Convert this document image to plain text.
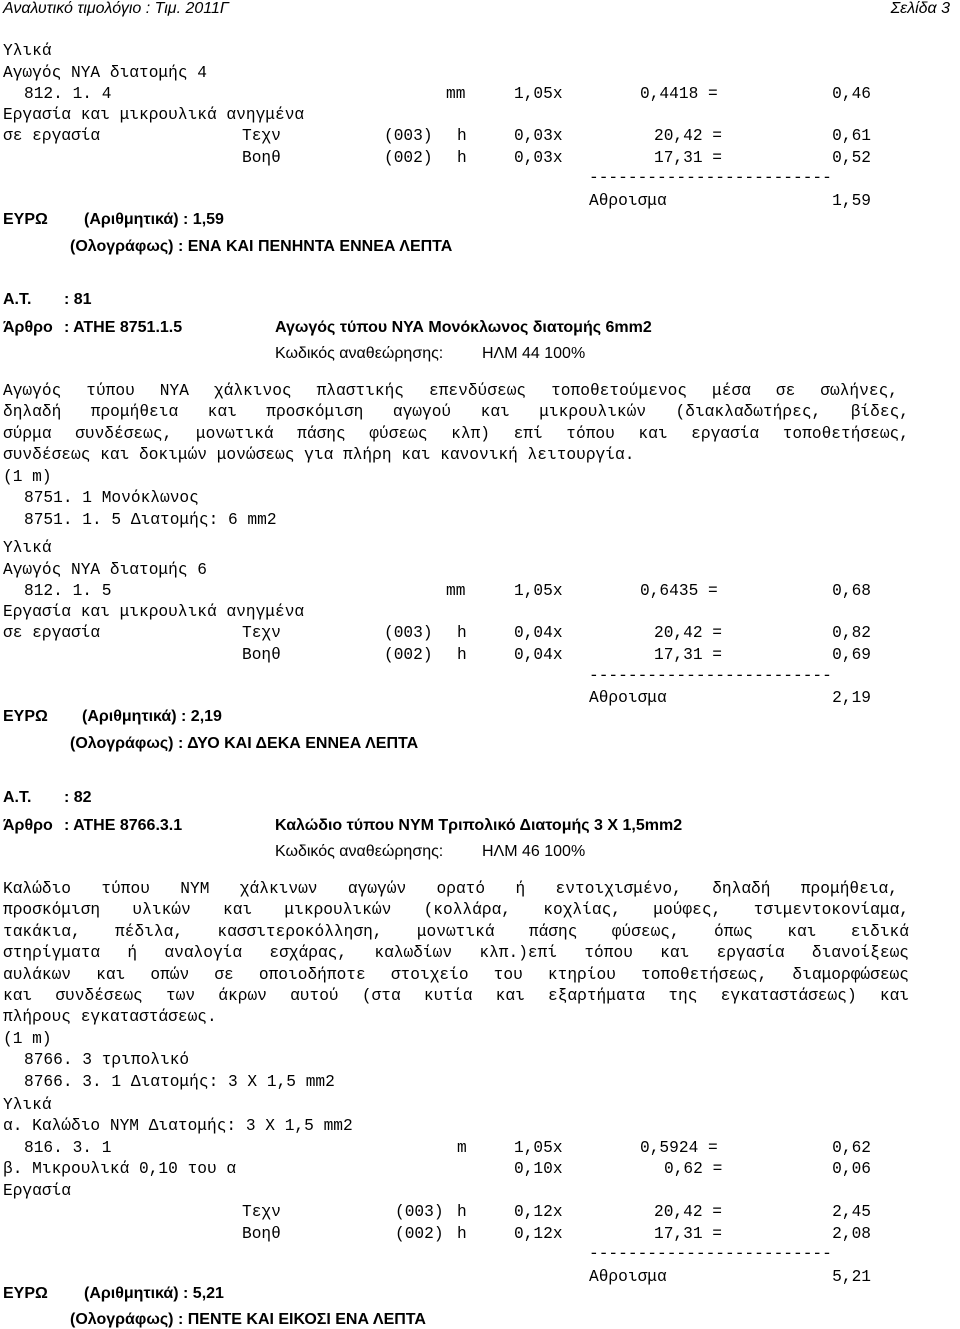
Αναλυτικό τιμολόγιο : Τιμ. 2011Γ	Σελίδα 3
Υλικά
Αγωγός ΝΥΑ διατομής 4
812. 1. 4	mm	1,05x	0,4418 =	0,46
Εργασία και μικρουλικά ανηγμένα
σε εργασία	Τεχν	(003) h	0,03x	20,42 =	0,61
Βοηθ	(002) h	0,03x	17,31 =	0,52
-------------------------
Αθροισμα	1,59
ΕΥΡΩ (Αριθμητικά) : 1,59
(Ολογράφως) : ΕΝΑ ΚΑΙ ΠΕΝΗΝΤΑ ΕΝΝΕΑ ΛΕΠΤΑ
Α.Τ. : 81
Άρθρο : ΑΤΗΕ 8751.1.5	Αγωγός τύπου ΝΥΑ Μονόκλωνος διατομής 6mm2
Κωδικός αναθεώρησης: ΗΛΜ 44 100%
Αγωγός τύπου ΝΥΑ χάλκινος πλαστικής επενδύσεως τοποθετούμενος μέσα σε σωλήνες,
δηλαδή προμήθεια και προσκόμιση αγωγού και μικρουλικών (διακλαδωτήρες, βίδες,
σύρμα συνδέσεως, μονωτικά πάσης φύσεως κλπ) επί τόπου και εργασία τοποθετήσεως,
συνδέσεως και δοκιμών μονώσεως για πλήρη και κανονική λειτουργία.
(1 m)
8751. 1 Μονόκλωνος
8751. 1. 5 Διατομής: 6 mm2
Υλικά
Αγωγός ΝΥΑ διατομής 6
812. 1. 5	mm	1,05x	0,6435 =	0,68
Εργασία και μικρουλικά ανηγμένα
σε εργασία	Τεχν	(003) h	0,04x	20,42 =	0,82
Βοηθ	(002) h	0,04x	17,31 =	0,69
-------------------------
Αθροισμα	2,19
ΕΥΡΩ (Αριθμητικά) : 2,19
(Ολογράφως) : ΔΥΟ ΚΑΙ ΔΕΚΑ ΕΝΝΕΑ ΛΕΠΤΑ
Α.Τ. : 82
Άρθρο : ΑΤΗΕ 8766.3.1	Καλώδιο τύπου ΝΥΜ Τριπολικό Διατομής 3 Χ 1,5mm2
Κωδικός αναθεώρησης: ΗΛΜ 46 100%
Καλώδιο τύπου ΝΥΜ χάλκινων αγωγών ορατό ή εντοιχισμένο, δηλαδή προμήθεια,
προσκόμιση υλικών και μικρουλικών (κολλάρα, κοχλίας, μούφες, τσιμεντοκονίαμα,
τακάκια, πέδιλα, κασσιτεροκόλληση, μονωτικά πάσης φύσεως, όπως και ειδικά
στηρίγματα ή αναλογία εσχάρας, καλωδίων κλπ.)επί τόπου και εργασία διανοίξεως
αυλάκων και οπών σε οποιοδήποτε στοιχείο του κτηρίου τοποθετήσεως, διαμορφώσεως
και συνδέσεως των άκρων αυτού (στα κυτία και εξαρτήματα της εγκαταστάσεως) και
πλήρους εγκαταστάσεως.
(1 m)
8766. 3 τριπολικό
8766. 3. 1 Διατομής: 3 Χ 1,5 mm2
Υλικά
α. Καλώδιο ΝΥΜ Διατομής: 3 Χ 1,5 mm2
816. 3. 1	m	1,05x	0,5924 =	0,62
β. Μικρουλικά 0,10 του α	0,10x	0,62 =	0,06
Εργασία
Τεχν	(003) h	0,12x	20,42 =	2,45
Βοηθ	(002) h	0,12x	17,31 =	2,08
-------------------------
Αθροισμα	5,21
ΕΥΡΩ (Αριθμητικά) : 5,21
(Ολογράφως) : ΠΕΝΤΕ ΚΑΙ ΕΙΚΟΣΙ ΕΝΑ ΛΕΠΤΑ
